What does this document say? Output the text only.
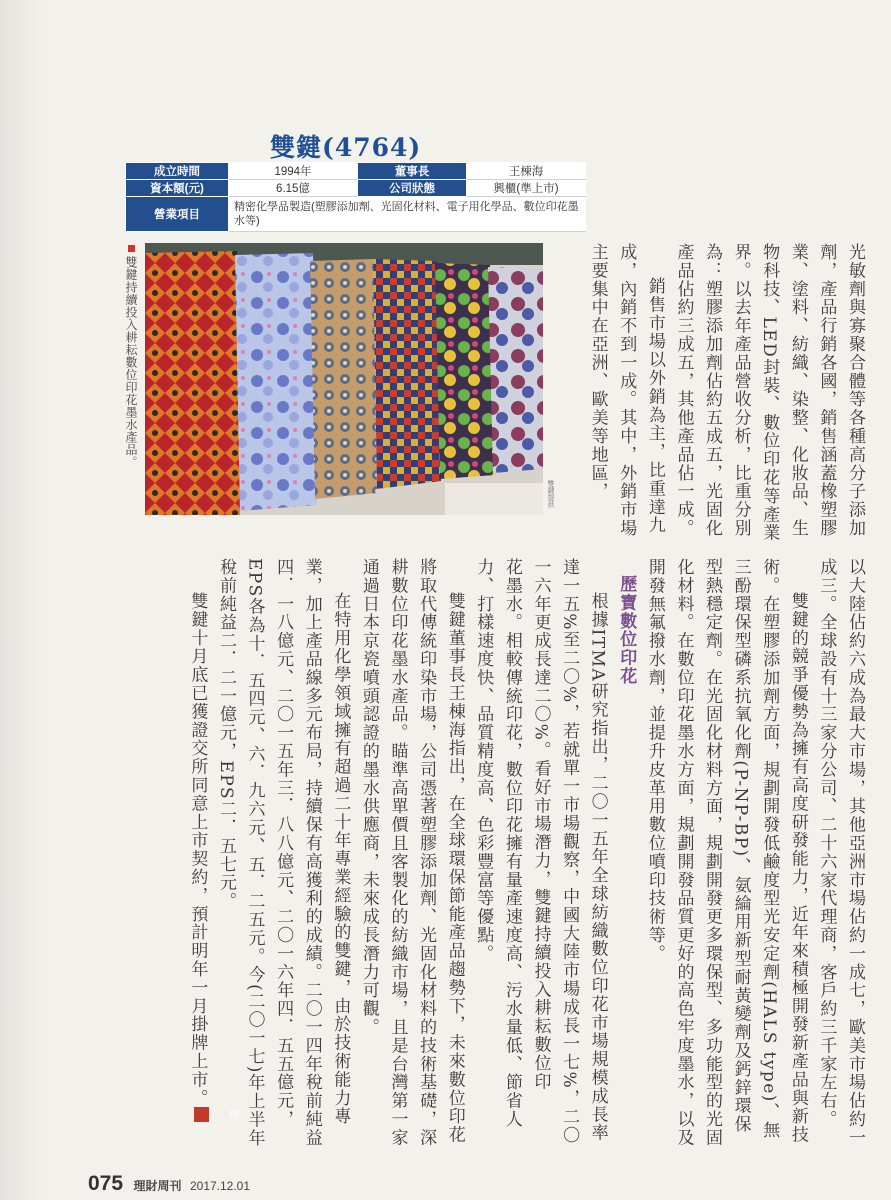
雙鍵(4764)
成立時間	1994年	董事長	王棟海
資本額(元)	6.15億	公司狀態	興櫃(準上市)
營業項目	精密化學品製造(塑膠添加劑、光固化材料、電子用化學品、數位印花墨水等)		
雙鍵持續投入耕耘數位印花墨水產品。
雙鍵提供	光敏劑與寡聚合體等各種高分子添加劑，產品行銷各國，銷售涵蓋橡塑膠業、塗料、紡織、染整、化妝品、生物科技、LED封裝、數位印花等產業界。以去年產品營收分析，比重分別為：塑膠添加劑佔約五成五，光固化產品佔約三成五，其他產品佔一成。

銷售市場以外銷為主，比重達九成，內銷不到一成。其中，外銷市場主要集中在亞洲、歐美等地區，

以大陸佔約六成為最大市場，其他亞洲市場佔約一成七，歐美市場佔約一成三。全球設有十三家分公司、二十六家代理商，客戶約三千家左右。

雙鍵的競爭優勢為擁有高度研發能力，近年來積極開發新產品與新技術。在塑膠添加劑方面，規劃開發低鹼度型光安定劑(HALS type)、無三酚環保型磷系抗氧化劑(P-NP-BP)、氨綸用新型耐黃變劑及鈣鋅環保型熱穩定劑。在光固化材料方面，規劃開發更多環保型、多功能型的光固化材料。在數位印花墨水方面，規劃開發品質更好的高色牢度墨水，以及開發無氟撥水劑，並提升皮革用數位噴印技術等。

歷寶數位印花

根據ITMA研究指出，二〇一五年全球紡織數位印花市場規模成長率達一五%至二〇%，若就單一市場觀察，中國大陸市場成長一七%，二〇一六年更成長達二〇%。看好市場潛力，雙鍵持續投入耕耘數位印

花墨水。相較傳統印花，數位印花擁有量產速度高、污水量低、節省人力、打樣速度快、品質精度高、色彩豐富等優點。

雙鍵董事長王棟海指出，在全球環保節能產品趨勢下，未來數位印花將取代傳統印染市場，公司憑著塑膠添加劑、光固化材料的技術基礎，深耕數位印花墨水產品。瞄準高單價且客製化的紡織市場，且是台灣第一家通過日本京瓷噴頭認證的墨水供應商，未來成長潛力可觀。

在特用化學領域擁有超過二十年專業經驗的雙鍵，由於技術能力專業，加上產品線多元布局，持續保有高獲利的成績。二〇一四年稅前純益四．一八億元、二〇一五年三．八八億元、二〇一六年四．五五億元，EPS各為十．五四元、六．九六元、五．二五元。今(二〇一七)年上半年稅前純益二．二一億元，EPS二．五七元。

雙鍵十月底已獲證交所同意上市契約，預計明年一月掛牌上市。理

075 理財周刊 2017.12.01
